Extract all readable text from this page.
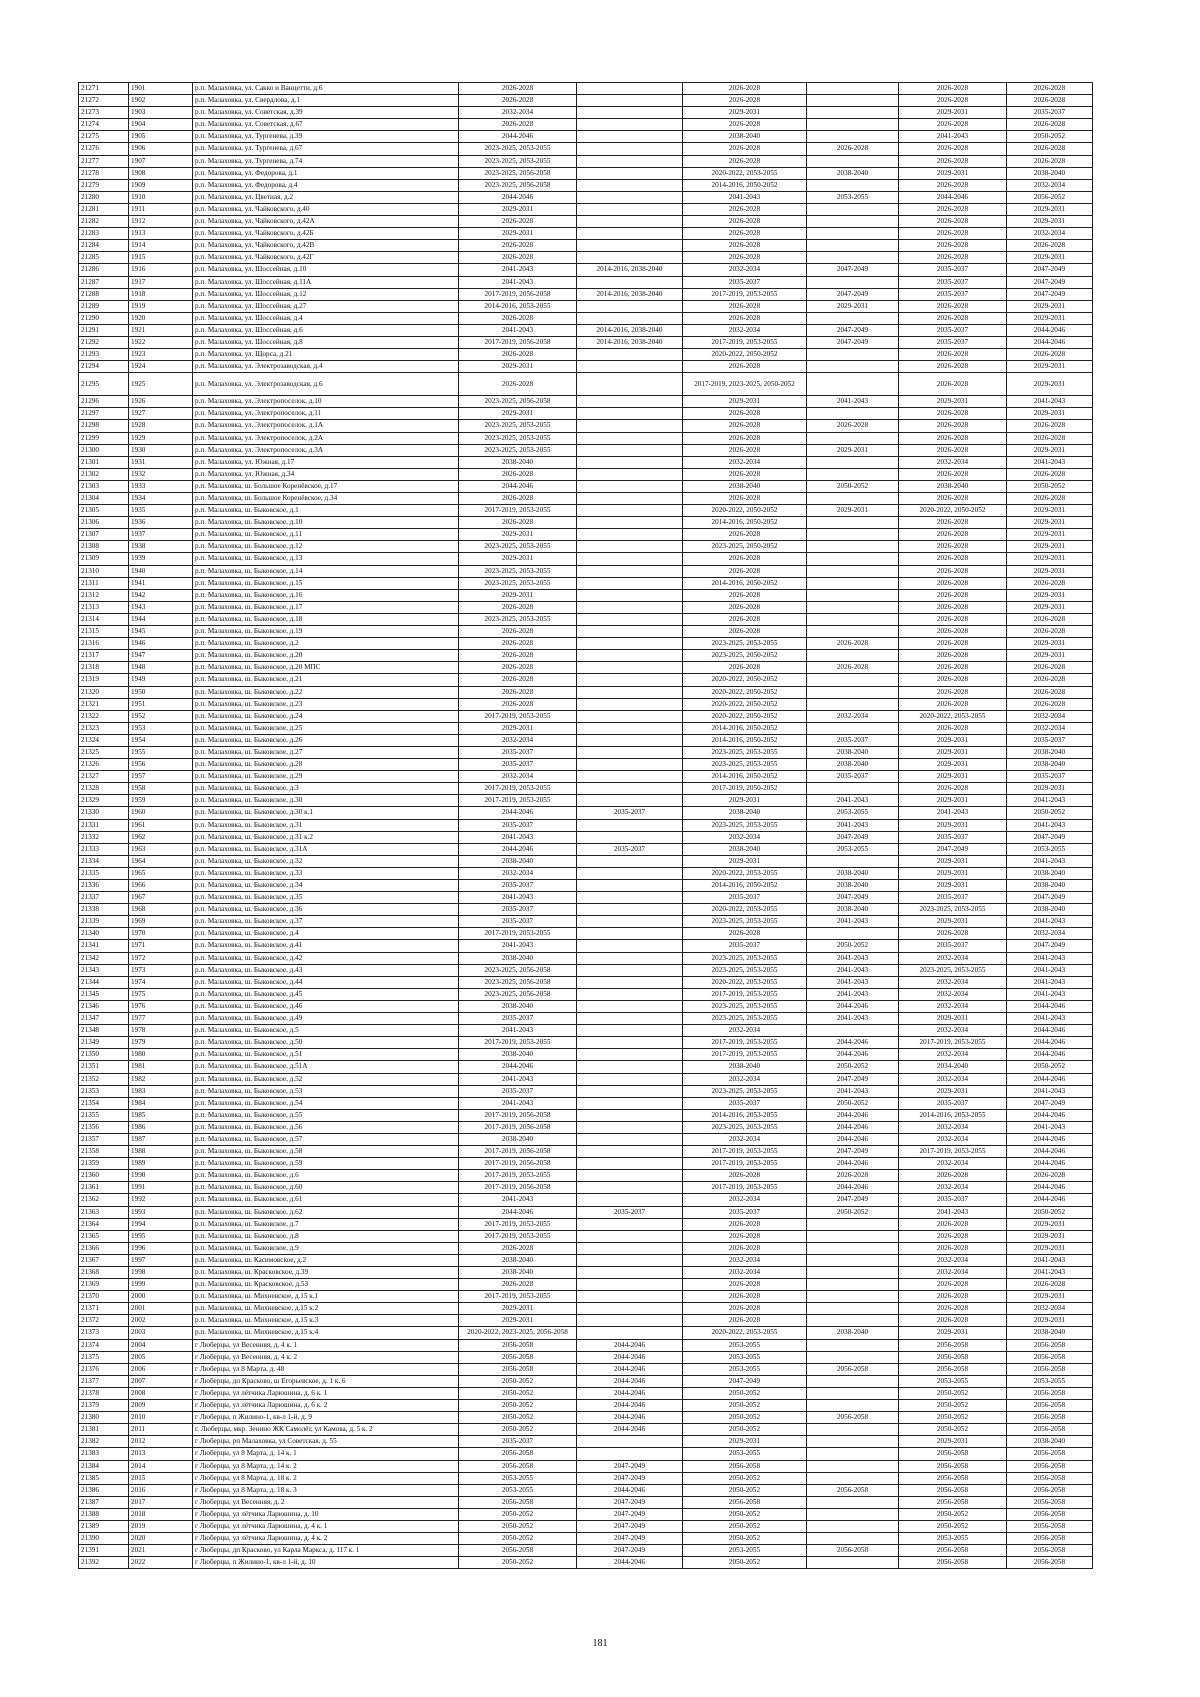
21271	1901	р.п. Малаховка, ул. Сакко и Ванцетти, д.6	2026-2028		2026-2028		2026-2028	2026-2028
21272	1902	р.п. Малаховка, ул. Свердлова, д.1	2026-2028		2026-2028		2026-2028	2026-2028
21273	1903	р.п. Малаховка, ул. Советская, д.39	2032-2034		2029-2031		2029-2031	2035-2037
21274	1904	р.п. Малаховка, ул. Советская, д.67	2026-2028		2026-2028		2026-2028	2026-2028
21275	1905	р.п. Малаховка, ул. Тургенева, д.39	2044-2046		2038-2040		2041-2043	2050-2052
21276	1906	р.п. Малаховка, ул. Тургенева, д.67	2023-2025, 2053-2055		2026-2028	2026-2028	2026-2028	2026-2028
21277	1907	р.п. Малаховка, ул. Тургенева, д.74	2023-2025, 2053-2055		2026-2028		2026-2028	2026-2028
21278	1908	р.п. Малаховка, ул. Федорова, д.1	2023-2025, 2056-2058		2020-2022, 2053-2055	2038-2040	2029-2031	2038-2040
21279	1909	р.п. Малаховка, ул. Федорова, д.4	2023-2025, 2056-2058		2014-2016, 2050-2052		2026-2028	2032-2034
21280	1910	р.п. Малаховка, ул. Цветная, д.2	2044-2046		2041-2043	2053-2055	2044-2046	2056-2052
21281	1911	р.п. Малаховка, ул. Чайковского, д.40	2029-2031		2026-2028		2026-2028	2029-2031
21282	1912	р.п. Малаховка, ул. Чайковского, д.42А	2026-2028		2026-2028		2026-2028	2029-2031
21283	1913	р.п. Малаховка, ул. Чайковского, д.42Б	2029-2031		2026-2028		2026-2028	2032-2034
21284	1914	р.п. Малаховка, ул. Чайковского, д.42В	2026-2028		2026-2028		2026-2028	2026-2028
21285	1915	р.п. Малаховка, ул. Чайковского, д.42Г	2026-2028		2026-2028		2026-2028	2029-2031
21286	1916	р.п. Малаховка, ул. Шоссейная, д.10	2041-2043	2014-2016, 2038-2040	2032-2034	2047-2049	2035-2037	2047-2049
21287	1917	р.п. Малаховка, ул. Шоссейная, д.11А	2041-2043		2035-2037		2035-2037	2047-2049
21288	1918	р.п. Малаховка, ул. Шоссейная, д.12	2017-2019, 2056-2058	2014-2016, 2038-2040	2017-2019, 2053-2055	2047-2049	2035-2037	2047-2049
21289	1919	р.п. Малаховка, ул. Шоссейная, д.27	2014-2016, 2053-2055		2026-2028	2029-2031	2026-2028	2029-2031
21290	1920	р.п. Малаховка, ул. Шоссейная, д.4	2026-2028		2026-2028		2026-2028	2029-2031
21291	1921	р.п. Малаховка, ул. Шоссейная, д.6	2041-2043	2014-2016, 2038-2040	2032-2034	2047-2049	2035-2037	2044-2046
21292	1922	р.п. Малаховка, ул. Шоссейная, д.8	2017-2019, 2056-2058	2014-2016, 2038-2040	2017-2019, 2053-2055	2047-2049	2035-2037	2044-2046
21293	1923	р.п. Малаховка, ул. Щорса, д.21	2026-2028		2020-2022, 2050-2052		2026-2028	2026-2028
21294	1924	р.п. Малаховка, ул. Электрозаводская, д.4	2029-2031		2026-2028		2026-2028	2029-2031
21295	1925	р.п. Малаховка, ул. Электрозаводская, д.6	2026-2028		2017-2019, 2023-2025, 2050-2052		2026-2028	2029-2031
21296	1926	р.п. Малаховка, ул. Электропоселок, д.10	2023-2025, 2056-2058		2029-2031	2041-2043	2029-2031	2041-2043
21297	1927	р.п. Малаховка, ул. Электропоселок, д.11	2029-2031		2026-2028		2026-2028	2029-2031
21298	1928	р.п. Малаховка, ул. Электропоселок, д.1А	2023-2025, 2053-2055		2026-2028	2026-2028	2026-2028	2026-2028
21299	1929	р.п. Малаховка, ул. Электропоселок, д.2А	2023-2025, 2053-2055		2026-2028		2026-2028	2026-2028
21300	1930	р.п. Малаховка, ул. Электропоселок, д.3А	2023-2025, 2053-2055		2026-2028	2029-2031	2026-2028	2029-2031
21301	1931	р.п. Малаховка, ул. Южная, д.17	2038-2040		2032-2034		2032-2034	2041-2043
21302	1932	р.п. Малаховка, ул. Южная, д.34	2026-2028		2026-2028		2026-2028	2026-2028
21303	1933	р.п. Малаховка, ш. Большое Коренёвское, д.17	2044-2046		2038-2040	2050-2052	2038-2040	2050-2052
21304	1934	р.п. Малаховка, ш. Большое Коренёвское, д.34	2026-2028		2026-2028		2026-2028	2026-2028
21305	1935	р.п. Малаховка, ш. Быковское, д.1	2017-2019, 2053-2055		2020-2022, 2050-2052	2029-2031	2020-2022, 2050-2052	2029-2031
21306	1936	р.п. Малаховка, ш. Быковское, д.10	2026-2028		2014-2016, 2050-2052		2026-2028	2029-2031
21307	1937	р.п. Малаховка, ш. Быковское, д.11	2029-2031		2026-2028		2026-2028	2029-2031
21308	1938	р.п. Малаховка, ш. Быковское, д.12	2023-2025, 2053-2055		2023-2025, 2050-2052		2026-2028	2029-2031
21309	1939	р.п. Малаховка, ш. Быковское, д.13	2029-2031		2026-2028		2026-2028	2029-2031
21310	1940	р.п. Малаховка, ш. Быковское, д.14	2023-2025, 2053-2055		2026-2028		2026-2028	2029-2031
21311	1941	р.п. Малаховка, ш. Быковское, д.15	2023-2025, 2053-2055		2014-2016, 2050-2052		2026-2028	2026-2028
21312	1942	р.п. Малаховка, ш. Быковское, д.16	2029-2031		2026-2028		2026-2028	2029-2031
21313	1943	р.п. Малаховка, ш. Быковское, д.17	2026-2028		2026-2028		2026-2028	2029-2031
21314	1944	р.п. Малаховка, ш. Быковское, д.18	2023-2025, 2053-2055		2026-2028		2026-2028	2026-2028
21315	1945	р.п. Малаховка, ш. Быковское, д.19	2026-2028		2026-2028		2026-2028	2026-2028
21316	1946	р.п. Малаховка, ш. Быковское, д.2	2026-2028		2023-2025, 2053-2055	2026-2028	2026-2028	2029-2031
21317	1947	р.п. Малаховка, ш. Быковское, д.20	2026-2028		2023-2025, 2050-2052		2026-2028	2029-2031
21318	1948	р.п. Малаховка, ш. Быковское, д.20 МПС	2026-2028		2026-2028	2026-2028	2026-2028	2026-2028
21319	1949	р.п. Малаховка, ш. Быковское, д.21	2026-2028		2020-2022, 2050-2052		2026-2028	2026-2028
21320	1950	р.п. Малаховка, ш. Быковское, д.22	2026-2028		2020-2022, 2050-2052		2026-2028	2026-2028
21321	1951	р.п. Малаховка, ш. Быковское, д.23	2026-2028		2020-2022, 2050-2052		2026-2028	2026-2028
21322	1952	р.п. Малаховка, ш. Быковское, д.24	2017-2019, 2053-2055		2020-2022, 2050-2052	2032-2034	2020-2022, 2053-2055	2032-2034
21323	1953	р.п. Малаховка, ш. Быковское, д.25	2029-2031		2014-2016, 2050-2052		2026-2028	2032-2034
21324	1954	р.п. Малаховка, ш. Быковское, д.26	2032-2034		2014-2016, 2050-2052	2035-2037	2029-2031	2035-2037
21325	1955	р.п. Малаховка, ш. Быковское, д.27	2035-2037		2023-2025, 2053-2055	2038-2040	2029-2031	2038-2040
21326	1956	р.п. Малаховка, ш. Быковское, д.28	2035-2037		2023-2025, 2053-2055	2038-2040	2029-2031	2038-2040
21327	1957	р.п. Малаховка, ш. Быковское, д.29	2032-2034		2014-2016, 2050-2052	2035-2037	2029-2031	2035-2037
21328	1958	р.п. Малаховка, ш. Быковское, д.3	2017-2019, 2053-2055		2017-2019, 2050-2052		2026-2028	2029-2031
21329	1959	р.п. Малаховка, ш. Быковское, д.30	2017-2019, 2053-2055		2029-2031	2041-2043	2029-2031	2041-2043
21330	1960	р.п. Малаховка, ш. Быковское, д.30 к.1	2044-2046	2035-2037	2038-2040	2053-2055	2041-2043	2050-2052
21331	1961	р.п. Малаховка, ш. Быковское, д.31	2035-2037		2023-2025, 2053-2055	2041-2043	2029-2031	2041-2043
21332	1962	р.п. Малаховка, ш. Быковское, д.31 к.2	2041-2043		2032-2034	2047-2049	2035-2037	2047-2049
21333	1963	р.п. Малаховка, ш. Быковское, д.31А	2044-2046	2035-2037	2038-2040	2053-2055	2047-2049	2053-2055
21334	1964	р.п. Малаховка, ш. Быковское, д.32	2038-2040		2029-2031		2029-2031	2041-2043
21335	1965	р.п. Малаховка, ш. Быковское, д.33	2032-2034		2020-2022, 2053-2055	2038-2040	2029-2031	2038-2040
21336	1966	р.п. Малаховка, ш. Быковское, д.34	2035-2037		2014-2016, 2050-2052	2038-2040	2029-2031	2038-2040
21337	1967	р.п. Малаховка, ш. Быковское, д.35	2041-2043		2035-2037	2047-2049	2035-2037	2047-2049
21338	1968	р.п. Малаховка, ш. Быковское, д.36	2035-2037		2020-2022, 2053-2055	2038-2040	2023-2025, 2053-2055	2038-2040
21339	1969	р.п. Малаховка, ш. Быковское, д.37	2035-2037		2023-2025, 2053-2055	2041-2043	2029-2031	2041-2043
21340	1970	р.п. Малаховка, ш. Быковское, д.4	2017-2019, 2053-2055		2026-2028		2026-2028	2032-2034
21341	1971	р.п. Малаховка, ш. Быковское, д.41	2041-2043		2035-2037	2050-2052	2035-2037	2047-2049
21342	1972	р.п. Малаховка, ш. Быковское, д.42	2038-2040		2023-2025, 2053-2055	2041-2043	2032-2034	2041-2043
21343	1973	р.п. Малаховка, ш. Быковское, д.43	2023-2025, 2056-2058		2023-2025, 2053-2055	2041-2043	2023-2025, 2053-2055	2041-2043
21344	1974	р.п. Малаховка, ш. Быковское, д.44	2023-2025, 2056-2058		2020-2022, 2053-2055	2041-2043	2032-2034	2041-2043
21345	1975	р.п. Малаховка, ш. Быковское, д.45	2023-2025, 2056-2058		2017-2019, 2053-2055	2041-2043	2032-2034	2041-2043
21346	1976	р.п. Малаховка, ш. Быковское, д.46	2038-2040		2023-2025, 2053-2055	2044-2046	2032-2034	2044-2046
21347	1977	р.п. Малаховка, ш. Быковское, д.49	2035-2037		2023-2025, 2053-2055	2041-2043	2029-2031	2041-2043
21348	1978	р.п. Малаховка, ш. Быковское, д.5	2041-2043		2032-2034		2032-2034	2044-2046
21349	1979	р.п. Малаховка, ш. Быковское, д.50	2017-2019, 2053-2055		2017-2019, 2053-2055	2044-2046	2017-2019, 2053-2055	2044-2046
21350	1980	р.п. Малаховка, ш. Быковское, д.51	2038-2040		2017-2019, 2053-2055	2044-2046	2032-2034	2044-2046
21351	1981	р.п. Малаховка, ш. Быковское, д.51А	2044-2046		2038-2040	2050-2052	2034-2040	2050-2052
21352	1982	р.п. Малаховка, ш. Быковское, д.52	2041-2043		2032-2034	2047-2049	2032-2034	2044-2046
21353	1983	р.п. Малаховка, ш. Быковское, д.53	2035-2037		2023-2025, 2053-2055	2041-2043	2029-2031	2041-2043
21354	1984	р.п. Малаховка, ш. Быковское, д.54	2041-2043		2035-2037	2050-2052	2035-2037	2047-2049
21355	1985	р.п. Малаховка, ш. Быковское, д.55	2017-2019, 2056-2058		2014-2016, 2053-2055	2044-2046	2014-2016, 2053-2055	2044-2046
21356	1986	р.п. Малаховка, ш. Быковское, д.56	2017-2019, 2056-2058		2023-2025, 2053-2055	2044-2046	2032-2034	2041-2043
21357	1987	р.п. Малаховка, ш. Быковское, д.57	2038-2040		2032-2034	2044-2046	2032-2034	2044-2046
21358	1988	р.п. Малаховка, ш. Быковское, д.58	2017-2019, 2056-2058		2017-2019, 2053-2055	2047-2049	2017-2019, 2053-2055	2044-2046
21359	1989	р.п. Малаховка, ш. Быковское, д.59	2017-2019, 2056-2058		2017-2019, 2053-2055	2044-2046	2032-2034	2044-2046
21360	1990	р.п. Малаховка, ш. Быковское, д.6	2017-2019, 2053-2055		2026-2028	2026-2028	2026-2028	2026-2028
21361	1991	р.п. Малаховка, ш. Быковское, д.60	2017-2019, 2056-2058		2017-2019, 2053-2055	2044-2046	2032-2034	2044-2046
21362	1992	р.п. Малаховка, ш. Быковское, д.61	2041-2043		2032-2034	2047-2049	2035-2037	2044-2046
21363	1993	р.п. Малаховка, ш. Быковское, д.62	2044-2046	2035-2037	2035-2037	2050-2052	2041-2043	2050-2052
21364	1994	р.п. Малаховка, ш. Быковское, д.7	2017-2019, 2053-2055		2026-2028		2026-2028	2029-2031
21365	1995	р.п. Малаховка, ш. Быковское, д.8	2017-2019, 2053-2055		2026-2028		2026-2028	2029-2031
21366	1996	р.п. Малаховка, ш. Быковское, д.9	2026-2028		2026-2028		2026-2028	2029-2031
21367	1997	р.п. Малаховка, ш. Касимовское, д.2	2038-2040		2032-2034		2032-2034	2041-2043
21368	1998	р.п. Малаховка, ш. Красковское, д.39	2038-2040		2032-2034		2032-2034	2041-2043
21369	1999	р.п. Малаховка, ш. Красковское, д.53	2026-2028		2026-2028		2026-2028	2026-2028
21370	2000	р.п. Малаховка, ш. Михневское, д.15 к.1	2017-2019, 2053-2055		2026-2028		2026-2028	2029-2031
21371	2001	р.п. Малаховка, ш. Михневское, д.15 к.2	2029-2031		2026-2028		2026-2028	2032-2034
21372	2002	р.п. Малаховка, ш. Михневское, д.15 к.3	2029-2031		2026-2028		2026-2028	2029-2031
21373	2003	р.п. Малаховка, ш. Михневское, д.15 к.4	2020-2022, 2023-2025, 2056-2058		2020-2022, 2053-2055	2038-2040	2029-2031	2038-2040
21374	2004	г Люберцы, ул Весенняя, д. 4 к. 1	2056-2058	2044-2046	2053-2055		2056-2058	2056-2058
21375	2005	г Люберцы, ул Весенняя, д. 4 к. 2	2056-2058	2044-2046	2053-2055		2056-2058	2056-2058
21376	2006	г Люберцы, ул 8 Марта, д. 48	2056-2058	2044-2046	2053-2055	2056-2058	2056-2058	2056-2058
21377	2007	г Люберцы, дп Красково, ш Егорьевское, д. 1 к. 6	2050-2052	2044-2046	2047-2049		2053-2055	2053-2055
21378	2008	г Люберцы, ул лётчика Ларюшина, д. 6 к. 1	2050-2052	2044-2046	2050-2052		2050-2052	2056-2058
21379	2009	г Люберцы, ул лётчика Ларюшина, д. 6 к. 2	2050-2052	2044-2046	2050-2052		2050-2052	2056-2058
21380	2010	г Люберцы, п Жилино-1, кв-л 1-й, д. 9	2050-2052	2044-2046	2050-2052	2056-2058	2050-2052	2056-2058
21381	2011	г. Люберцы, мкр. Зенино ЖК Самолёт, ул Камова, д. 5 к. 2	2050-2052	2044-2046	2050-2052		2050-2052	2056-2058
21382	2012	г Люберцы, рп Малаховка, ул Советская, д. 55	2035-2037		2029-2031		2029-2031	2038-2040
21383	2013	г Люберцы, ул 8 Марта, д. 14 к. 1	2056-2058		2053-2055		2056-2058	2056-2058
21384	2014	г Люберцы, ул 8 Марта, д. 14 к. 2	2056-2058	2047-2049	2056-2058		2056-2058	2056-2058
21385	2015	г Люберцы, ул 8 Марта, д. 18 к. 2	2053-2055	2047-2049	2050-2052		2056-2058	2056-2058
21386	2016	г Люберцы, ул 8 Марта, д. 18 к. 3	2053-2055	2044-2046	2050-2052	2056-2058	2056-2058	2056-2058
21387	2017	г Люберцы, ул Весенняя, д. 2	2056-2058	2047-2049	2056-2058		2056-2058	2056-2058
21388	2018	г Люберцы, ул лётчика Ларюшина, д. 10	2050-2052	2047-2049	2050-2052		2050-2052	2056-2058
21389	2019	г Люберцы, ул лётчика Ларюшина, д. 4 к. 1	2050-2052	2047-2049	2050-2052		2050-2052	2056-2058
21390	2020	г Люберцы, ул лётчика Ларюшина, д. 4 к. 2	2050-2052	2047-2049	2050-2052		2053-2055	2056-2058
21391	2021	г Люберцы, дп Красково, ул Карла Маркса, д. 117 к. 1	2056-2058	2047-2049	2053-2055	2056-2058	2056-2058	2056-2058
21392	2022	г Люберцы, п Жилино-1, кв-л 1-й, д. 10	2050-2052	2044-2046	2050-2052		2056-2058	2056-2058
181
